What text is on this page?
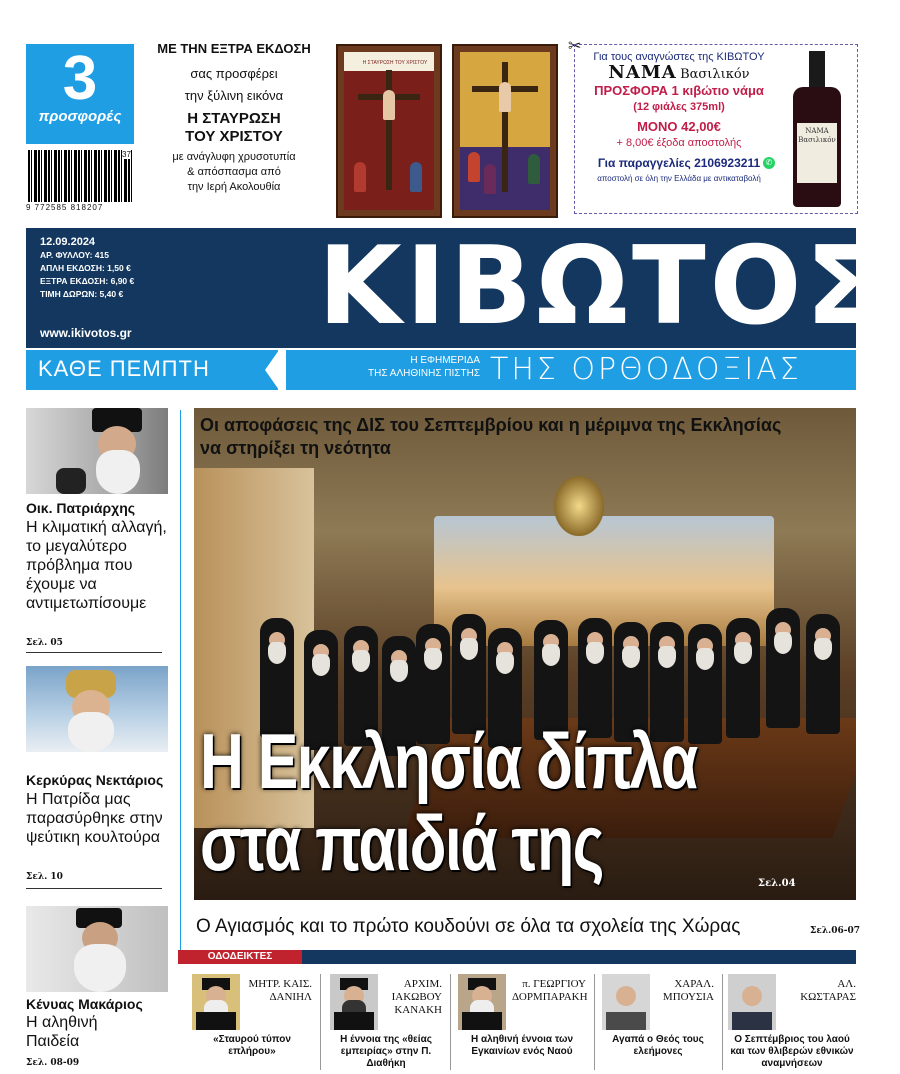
3
προσφορές
37
9 772585 818207
ΜΕ ΤΗΝ ΕΞΤΡΑ ΕΚΔΟΣΗ
σας προσφέρει
την ξύλινη εικόνα
Η ΣΤΑΥΡΩΣΗ
ΤΟΥ ΧΡΙΣΤΟΥ
με ανάγλυφη χρυσοτυπία
& απόσπασμα από
την Ιερή Ακολουθία
Η ΣΤΑΥΡΩΣΗ ΤΟΥ ΧΡΙΣΤΟΥ
✂
Για τους αναγνώστες της ΚΙΒΩΤΟΥ
ΝΑΜΑ Βασιλικόν
ΠΡΟΣΦΟΡΑ 1 κιβώτιο νάμα
(12 φιάλες 375ml)
ΜΟΝΟ 42,00€
+ 8,00€ έξοδα αποστολής
Για παραγγελίες 2106923211
αποστολή σε όλη την Ελλάδα με αντικαταβολή
✆
ΝΑΜΑ Βασιλικόν
12.09.2024
ΑΡ. ΦΥΛΛΟΥ: 415
ΑΠΛΗ ΕΚΔΟΣΗ: 1,50 €
ΕΞΤΡΑ ΕΚΔΟΣΗ: 6,90 €
ΤΙΜΗ ΔΩΡΩΝ: 5,40 €
www.ikivotos.gr ΚΙΒΩΤΟΣ
ΚΑΘΕ ΠΕΜΠΤΗ	Η ΕΦΗΜΕΡΙΔΑ
ΤΗΣ ΑΛΗΘΙΝΗΣ ΠΙΣΤΗΣ ΤΗΣ ΟΡΘΟΔΟΞΙΑΣ
Οικ. Πατριάρχης
Η κλιματική αλλαγή, το μεγαλύτερο πρόβλημα που έχουμε να αντιμετωπίσουμε
Σελ. 05
Κερκύρας Νεκτάριος
Η Πατρίδα μας παρασύρθηκε στην ψεύτικη κουλτούρα
Σελ. 10
Κένυας Μακάριος
Η αληθινή Παιδεία
Σελ. 08-09
Οι αποφάσεις της ΔΙΣ του Σεπτεμβρίου και η μέριμνα της Εκκλησίας να στηρίξει τη νεότητα
Η Εκκλησία δίπλα
στα παιδιά της	Σελ.04
Ο Αγιασμός και το πρώτο κουδούνι σε όλα τα σχολεία της Χώρας	Σελ.06-07
ΟΔΟΔΕΙΚΤΕΣ
ΜΗΤΡ. ΚΑΙΣ. ΔΑΝΙΗΛ
«Σταυρού τύπον επλήρου»
ΑΡΧΙΜ. ΙΑΚΩΒΟΥ ΚΑΝΑΚΗ
Η έννοια της «θείας εμπειρίας» στην Π. Διαθήκη
π. ΓΕΩΡΓΙΟΥ ΔΟΡΜΠΑΡΑΚΗ
Η αληθινή έννοια των Εγκαινίων ενός Ναού
ΧΑΡΑΛ. ΜΠΟΥΣΙΑ
Αγαπά ο Θεός τους ελεήμονες
ΑΛ. ΚΩΣΤΑΡΑΣ
Ο Σεπτέμβριος του λαού και των θλιβερών εθνικών αναμνήσεων
